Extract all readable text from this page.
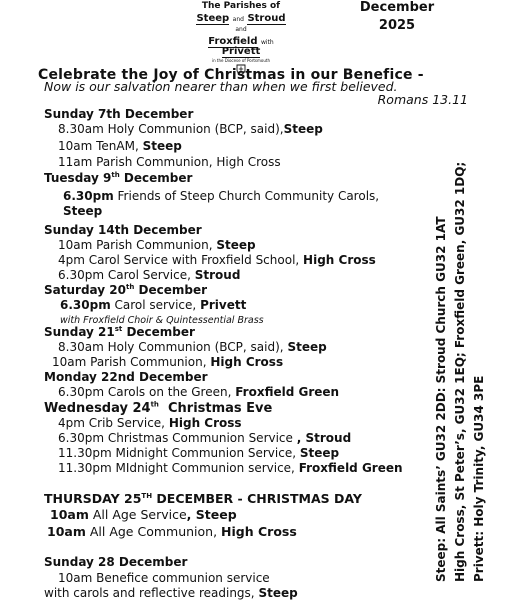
The Parishes of
Steep and Stroud and
Froxfield with Privett
in the Diocese of Portsmouth
December
2025
Celebrate the Joy of Christmas in our Benefice -
Now is our salvation nearer than when we first believed.
Romans 13.11
Sunday 7th December
8.30am Holy Communion (BCP, said),Steep
10am TenAM, Steep
11am Parish Communion, High Cross
Tuesday 9th December
6.30pm Friends of Steep Church Community Carols,
Steep
Sunday 14th December
10am Parish Communion, Steep
4pm Carol Service with Froxfield School, High Cross
6.30pm Carol Service, Stroud
Saturday 20th December
6.30pm Carol service, Privett
with Froxfield Choir & Quintessential Brass
Sunday 21st December
8.30am Holy Communion (BCP, said), Steep
10am Parish Communion, High Cross
Monday 22nd December
6.30pm Carols on the Green, Froxfield Green
Wednesday 24th Christmas Eve
4pm Crib Service, High Cross
6.30pm Christmas Communion Service , Stroud
11.30pm Midnight Communion Service, Steep
11.30pm MIdnight Communion service, Froxfield Green
THURSDAY 25TH DECEMBER - CHRISTMAS DAY
10am All Age Service, Steep
10am All Age Communion, High Cross
Sunday 28 December
10am Benefice communion service
with carols and reflective readings, Steep
Steep: All Saints’ GU32 2DD: Stroud Church GU32 1AT High Cross, St Peter’s, GU32 1EQ; Froxfield Green, GU32 1DQ; Privett: Holy Trinity, GU34 3PE
